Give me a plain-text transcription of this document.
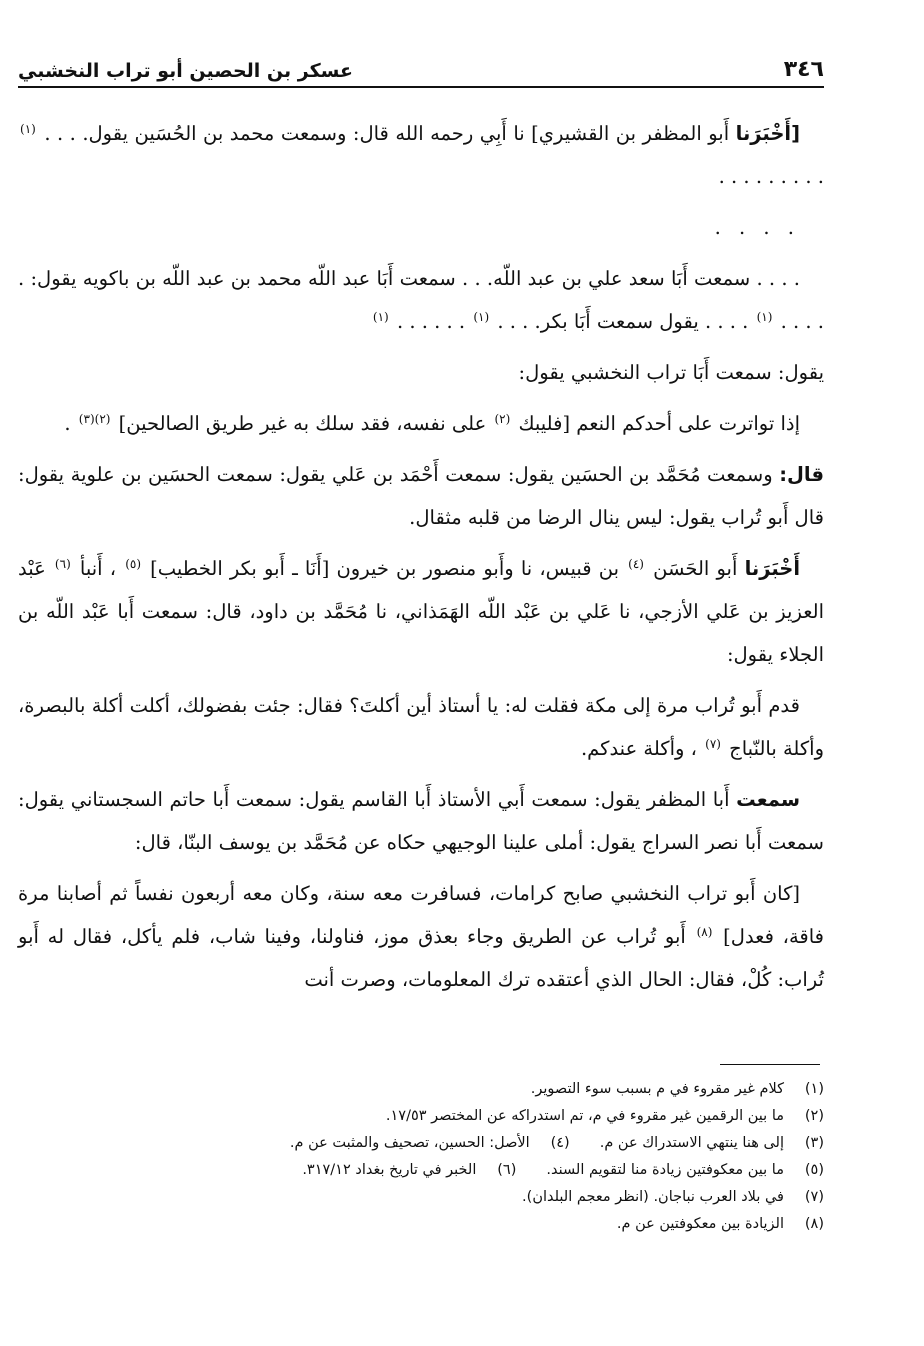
٣٤٦
عسكر بن الحصين أبو تراب النخشبي

[أَخْبَرَنا أَبو المظفر بن القشيري] نا أَبِي رحمه الله قال: وسمعت محمد بن الحُسَين يقول. . . . $^{(١)}$ . . . . . . . . .

. . . .

. . . . سمعت أَبَا سعد علي بن عبد اللّه. . . سمعت أَبَا عبد اللّه محمد بن عبد اللّه بن باكويه يقول: . . . . . $^{(١)}$ . . . . يقول سمعت أَبَا بكر. . . . $^{(١)}$ . . . . . . $^{(١)}$

يقول: سمعت أَبَا تراب النخشبي يقول:

إذا تواترت على أحدكم النعم [فليبك $^{(٢)}$ على نفسه، فقد سلك به غير طريق الصالحين] $^{(٢)(٣)}$ .

قال: وسمعت مُحَمَّد بن الحسَين يقول: سمعت أَحْمَد بن عَلي يقول: سمعت الحسَين بن علوية يقول: قال أَبو تُراب يقول: ليس ينال الرضا من قلبه مثقال.

أَخْبَرَنا أَبو الحَسَن $^{(٤)}$ بن قبيس، نا وأَبو منصور بن خيرون [أَنَا ـ أَبو بكر الخطيب] $^{(٥)}$ ، أَنبأ $^{(٦)}$ عَبْد العزيز بن عَلي الأزجي، نا عَلي بن عَبْد اللّه الهَمَذاني، نا مُحَمَّد بن داود، قال: سمعت أَبا عَبْد اللّه بن الجلاء يقول:

قدم أَبو تُراب مرة إلى مكة فقلت له: يا أستاذ أين أكلتَ؟ فقال: جئت بفضولك، أكلت أكلة بالبصرة، وأكلة بالنّباج $^{(٧)}$ ، وأكلة عندكم.

سمعت أَبا المظفر يقول: سمعت أَبي الأستاذ أَبا القاسم يقول: سمعت أَبا حاتم السجستاني يقول: سمعت أَبا نصر السراج يقول: أملى علينا الوجيهي حكاه عن مُحَمَّد بن يوسف البنّا، قال:

[كان أَبو تراب النخشبي صابح كرامات، فسافرت معه سنة، وكان معه أربعون نفساً ثم أصابنا مرة فاقة، فعدل] $^{(٨)}$ أَبو تُراب عن الطريق وجاء بعذق موز، فناولنا، وفينا شاب، فلم يأكل، فقال له أَبو تُراب: كُلْ، فقال: الحال الذي أعتقده ترك المعلومات، وصرت أنت

(١)
كلام غير مقروء في م بسبب سوء التصوير.
(٢)
ما بين الرقمين غير مقروء في م، تم استدراكه عن المختصر ١٧/٥٣.
(٣)
إلى هنا ينتهي الاستدراك عن م.
(٤)
الأصل: الحسين، تصحيف والمثبت عن م.
(٥)
ما بين معكوفتين زيادة منا لتقويم السند.
(٦)
الخبر في تاريخ بغداد ٣١٧/١٢.
(٧)
في بلاد العرب نباجان. (انظر معجم البلدان).
(٨)
الزيادة بين معكوفتين عن م.
